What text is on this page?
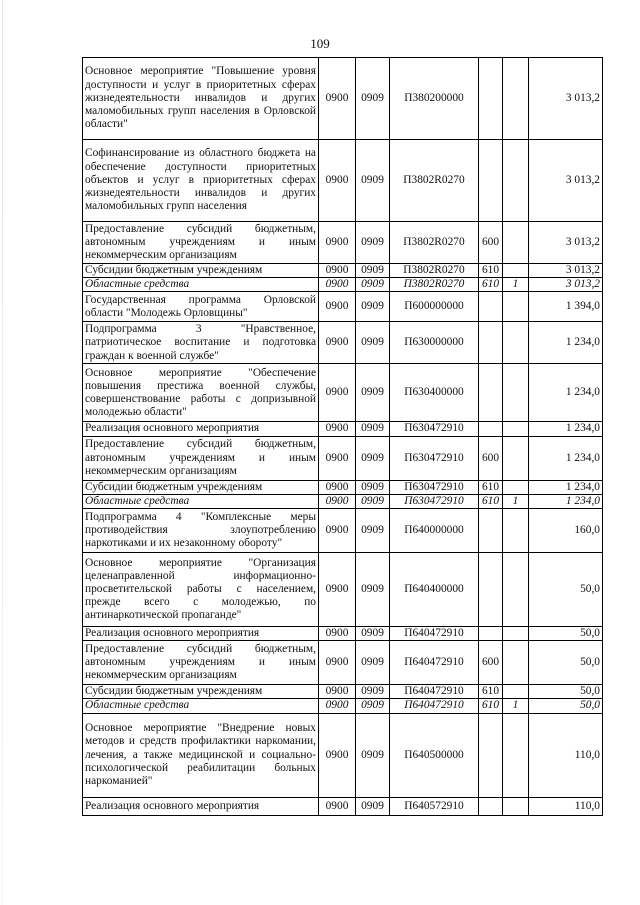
109
Основное мероприятие "Повышение уровня доступности и услуг в приоритетных сферах жизнедеятельности инвалидов и других маломобильных групп населения в Орловской области"	0900	0909	П380200000			3 013,2
Софинансирование из областного бюджета на обеспечение доступности приоритетных объектов и услуг в приоритетных сферах жизнедеятельности инвалидов и других маломобильных групп населения	0900	0909	П3802R0270			3 013,2
Предоставление субсидий бюджетным, автономным учреждениям и иным некоммерческим организациям	0900	0909	П3802R0270	600		3 013,2
Субсидии бюджетным учреждениям	0900	0909	П3802R0270	610		3 013,2
Областные средства	0900	0909	П3802R0270	610	1	3 013,2
Государственная программа Орловской области "Молодежь Орловщины"	0900	0909	П600000000			1 394,0
Подпрограмма 3 "Нравственное, патриотическое воспитание и подготовка граждан к военной службе"	0900	0909	П630000000			1 234,0
Основное мероприятие "Обеспечение повышения престижа военной службы, совершенствование работы с допризывной молодежью области"	0900	0909	П630400000			1 234,0
Реализация основного мероприятия	0900	0909	П630472910			1 234,0
Предоставление субсидий бюджетным, автономным учреждениям и иным некоммерческим организациям	0900	0909	П630472910	600		1 234,0
Субсидии бюджетным учреждениям	0900	0909	П630472910	610		1 234,0
Областные средства	0900	0909	П630472910	610	1	1 234,0
Подпрограмма 4 "Комплексные меры противодействия злоупотреблению наркотиками и их незаконному обороту"	0900	0909	П640000000			160,0
Основное мероприятие "Организация целенаправленной информационно-просветительской работы с населением, прежде всего с молодежью, по антинаркотической пропаганде"	0900	0909	П640400000			50,0
Реализация основного мероприятия	0900	0909	П640472910			50,0
Предоставление субсидий бюджетным, автономным учреждениям и иным некоммерческим организациям	0900	0909	П640472910	600		50,0
Субсидии бюджетным учреждениям	0900	0909	П640472910	610		50,0
Областные средства	0900	0909	П640472910	610	1	50,0
Основное мероприятие "Внедрение новых методов и средств профилактики наркомании, лечения, а также медицинской и социально-психологической реабилитации больных наркоманией"	0900	0909	П640500000			110,0
Реализация основного мероприятия	0900	0909	П640572910			110,0
